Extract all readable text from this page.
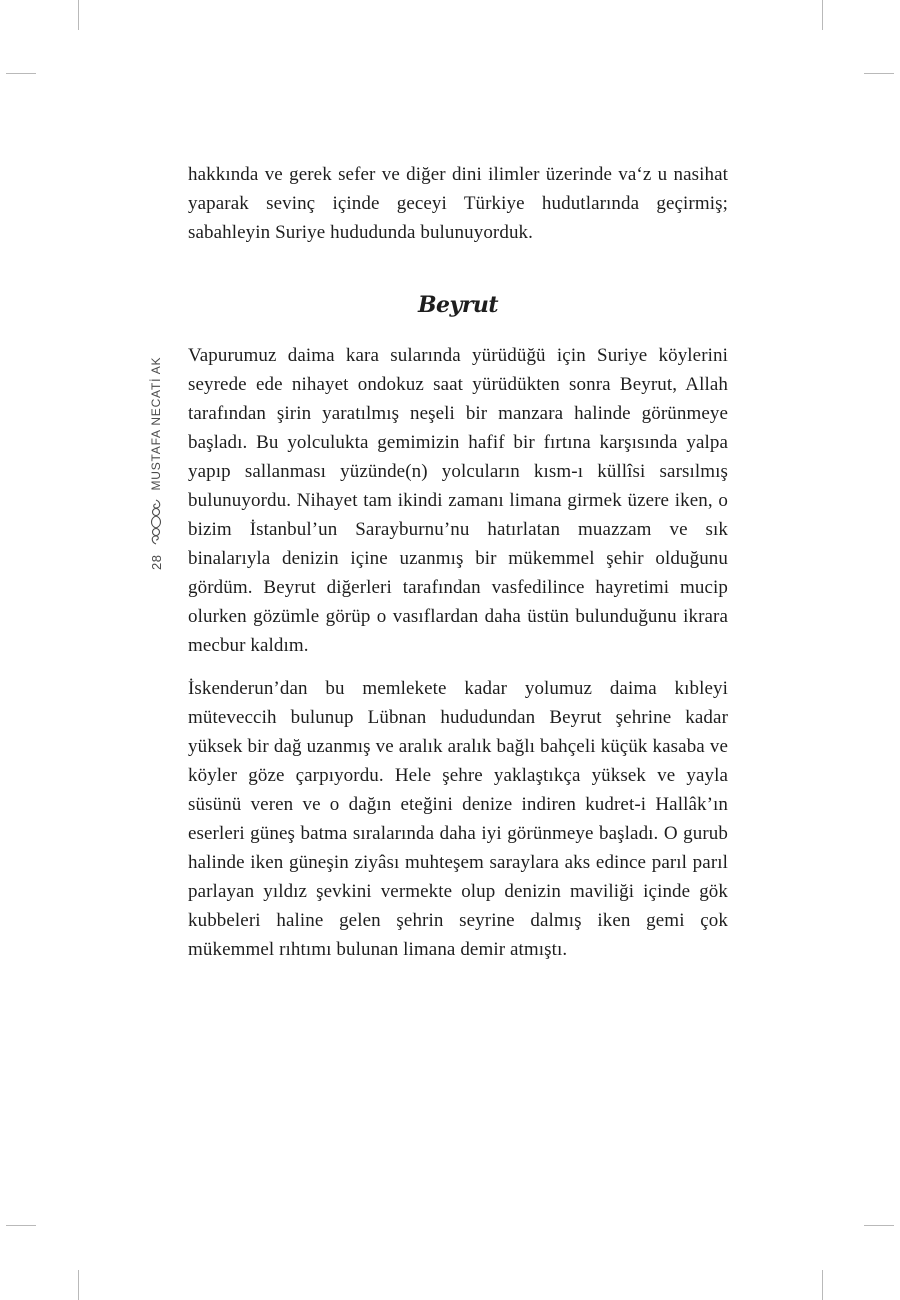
28
MUSTAFA NECATİ AK

hakkında ve gerek sefer ve diğer dini ilimler üzerinde va‘z u nasihat yaparak sevinç içinde geceyi Türkiye hudutlarında geçirmiş; sabahleyin Suriye hududunda bulunuyorduk.

Beyrut

Vapurumuz daima kara sularında yürüdüğü için Suriye köylerini seyrede ede nihayet ondokuz saat yürüdükten sonra Beyrut, Allah tarafından şirin yaratılmış neşeli bir manzara halinde görünmeye başladı. Bu yolculukta gemimizin hafif bir fırtına karşısında yalpa yapıp sallanması yüzünde(n) yolcuların kısm-ı küllîsi sarsılmış bulunuyordu. Nihayet tam ikindi zamanı limana girmek üzere iken, o bizim İstanbul’un Sarayburnu’nu hatırlatan muazzam ve sık binalarıyla denizin içine uzanmış bir mükemmel şehir olduğunu gördüm. Beyrut diğerleri tarafından vasfedilince hayretimi mucip olurken gözümle görüp o vasıflardan daha üstün bulunduğunu ikrara mecbur kaldım.

İskenderun’dan bu memlekete kadar yolumuz daima kıbleyi müteveccih bulunup Lübnan hududundan Beyrut şehrine kadar yüksek bir dağ uzanmış ve aralık aralık bağlı bahçeli küçük kasaba ve köyler göze çarpıyordu. Hele şehre yaklaştıkça yüksek ve yayla süsünü veren ve o dağın eteğini denize indiren kudret-i Hallâk’ın eserleri güneş batma sıralarında daha iyi görünmeye başladı. O gurub halinde iken güneşin ziyâsı muhteşem saraylara aks edince parıl parıl parlayan yıldız şevkini vermekte olup denizin maviliği içinde gök kubbeleri haline gelen şehrin seyrine dalmış iken gemi çok mükemmel rıhtımı bulunan limana demir atmıştı.
